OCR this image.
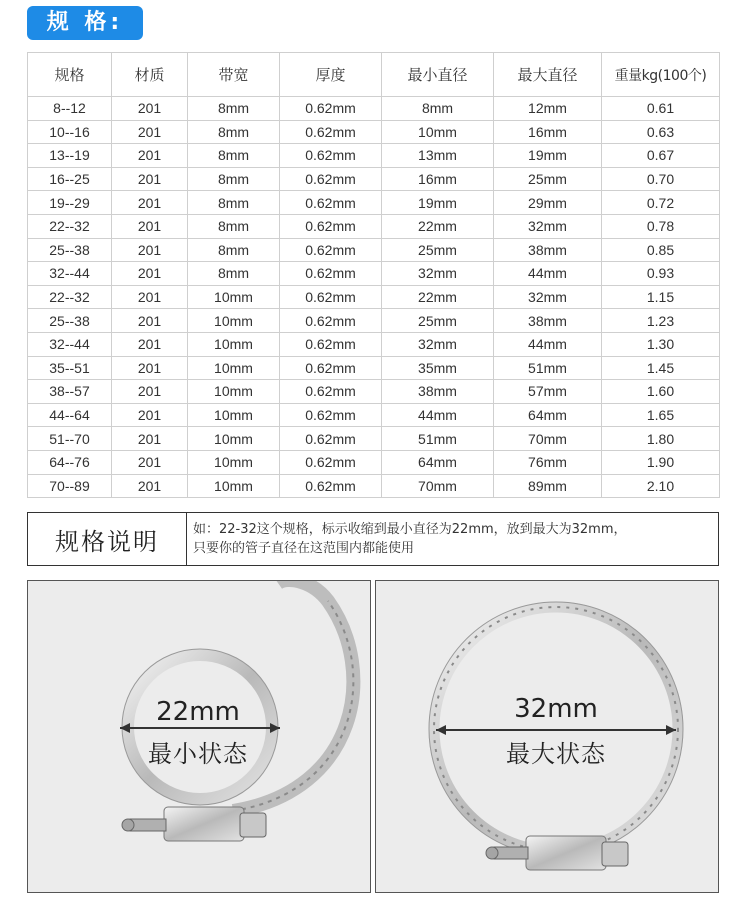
规 格:
规格	材质	带宽	厚度	最小直径	最大直径	重量kg(100个)
8--12	201	8mm	0.62mm	8mm	12mm	0.61
10--16	201	8mm	0.62mm	10mm	16mm	0.63
13--19	201	8mm	0.62mm	13mm	19mm	0.67
16--25	201	8mm	0.62mm	16mm	25mm	0.70
19--29	201	8mm	0.62mm	19mm	29mm	0.72
22--32	201	8mm	0.62mm	22mm	32mm	0.78
25--38	201	8mm	0.62mm	25mm	38mm	0.85
32--44	201	8mm	0.62mm	32mm	44mm	0.93
22--32	201	10mm	0.62mm	22mm	32mm	1.15
25--38	201	10mm	0.62mm	25mm	38mm	1.23
32--44	201	10mm	0.62mm	32mm	44mm	1.30
35--51	201	10mm	0.62mm	35mm	51mm	1.45
38--57	201	10mm	0.62mm	38mm	57mm	1.60
44--64	201	10mm	0.62mm	44mm	64mm	1.65
51--70	201	10mm	0.62mm	51mm	70mm	1.80
64--76	201	10mm	0.62mm	64mm	76mm	1.90
70--89	201	10mm	0.62mm	70mm	89mm	2.10
规格说明	如：22-32这个规格，标示收缩到最小直径为22mm，放到最大为32mm，
只要你的管子直径在这范围内都能使用
22mm
最小状态
32mm
最大状态
